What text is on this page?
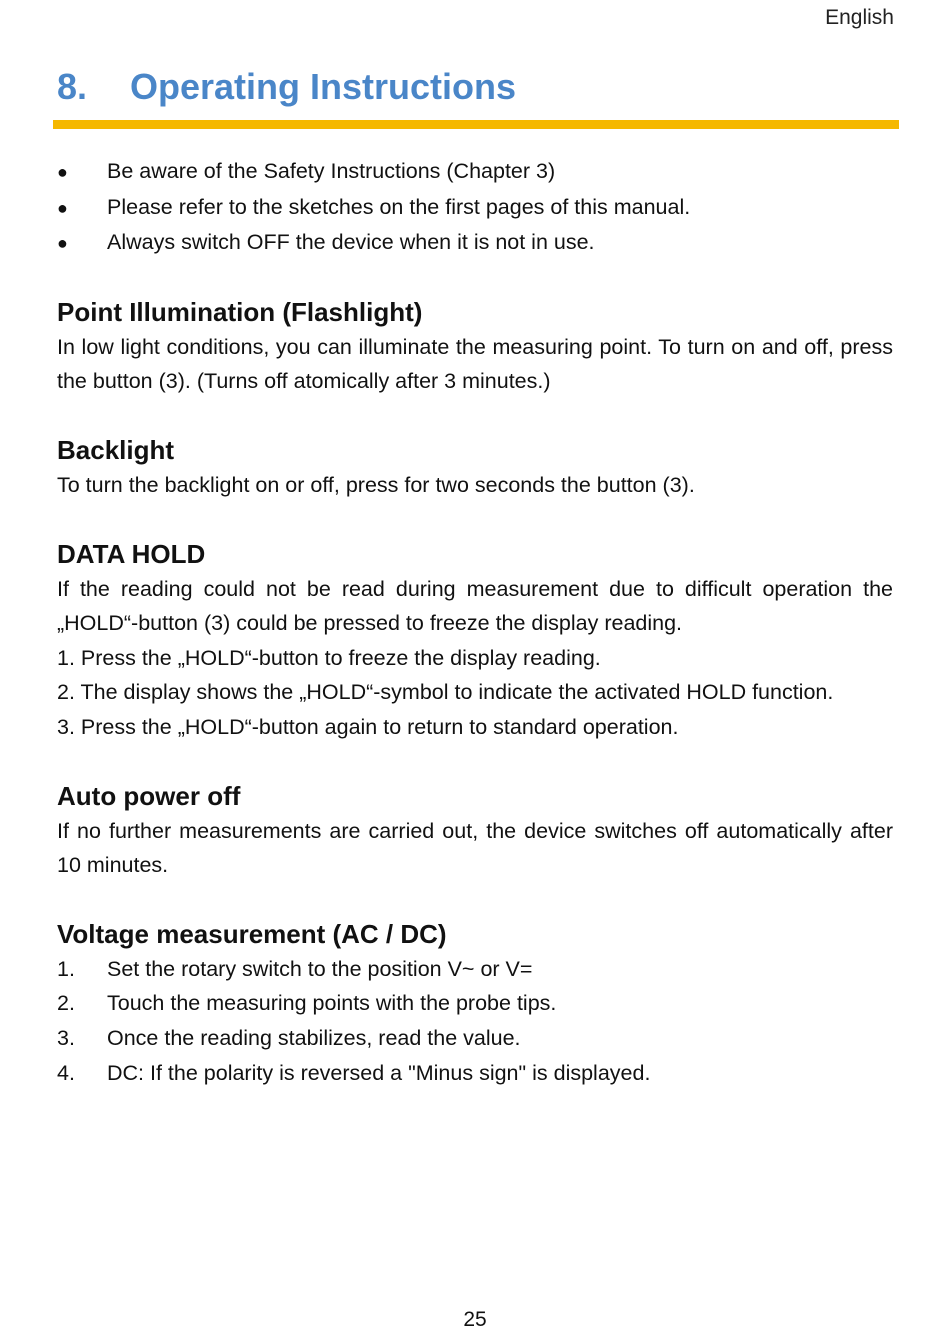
English
8.	Operating Instructions
●	Be aware of the Safety Instructions (Chapter 3)
●	Please refer to the sketches on the first pages of this manual.
●	Always switch OFF the device when it is not in use.
Point Illumination (Flashlight)

In low light conditions, you can illuminate the measuring point. To turn on and off, press the button (3). (Turns off atomically after 3 minutes.)

Backlight

To turn the backlight on or off, press for two seconds the button (3).

DATA HOLD

If the reading could not be read during measurement due to difficult operation the „HOLD“-button (3) could be pressed to freeze the display reading.

1. Press the „HOLD“-button to freeze the display reading.

2. The display shows the „HOLD“-symbol to indicate the activated HOLD function.

3. Press the „HOLD“-button again to return to standard operation.

Auto power off

If no further measurements are carried out, the device switches off automatically after 10 minutes.

Voltage measurement (AC / DC)
1.	Set the rotary switch to the position V~ or V=
2.	Touch the measuring points with the probe tips.
3.	Once the reading stabilizes, read the value.
4.	DC: If the polarity is reversed a "Minus sign" is displayed.
25
